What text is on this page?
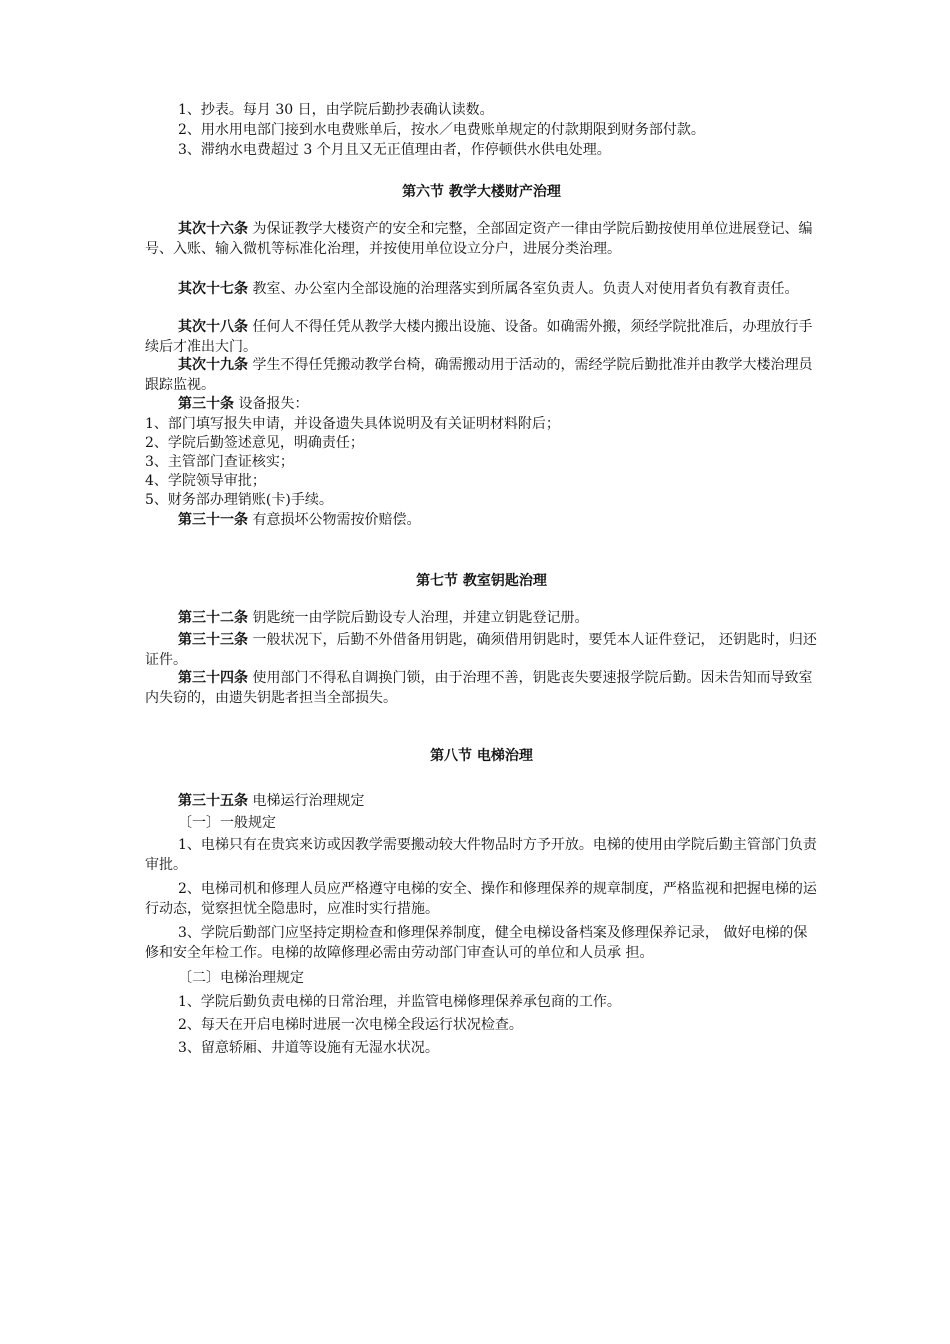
1、抄表。每月 30 日，由学院后勤抄表确认读数。

2、用水用电部门接到水电费账单后，按水／电费账单规定的付款期限到财务部付款。

3、滞纳水电费超过 3 个月且又无正值理由者，作停顿供水供电处理。

第六节 教学大楼财产治理

其次十六条 为保证教学大楼资产的安全和完整，全部固定资产一律由学院后勤按使用单位进展登记、编号、入账、输入微机等标准化治理，并按使用单位设立分户，进展分类治理。

其次十七条 教室、办公室内全部设施的治理落实到所属各室负责人。负责人对使用者负有教育责任。

其次十八条 任何人不得任凭从教学大楼内搬出设施、设备。如确需外搬，须经学院批准后，办理放行手续后才准出大门。

其次十九条 学生不得任凭搬动教学台椅，确需搬动用于活动的，需经学院后勤批准并由教学大楼治理员跟踪监视。

第三十条 设备报失：

1、部门填写报失申请，并设备遗失具体说明及有关证明材料附后；

2、学院后勤签述意见，明确责任；

3、主管部门查证核实；

4、学院领导审批；

5、财务部办理销账(卡)手续。

第三十一条 有意损坏公物需按价赔偿。

第七节 教室钥匙治理

第三十二条 钥匙统一由学院后勤设专人治理，并建立钥匙登记册。

第三十三条 一般状况下，后勤不外借备用钥匙，确须借用钥匙时，要凭本人证件登记， 还钥匙时，归还证件。

第三十四条 使用部门不得私自调换门锁，由于治理不善，钥匙丧失要速报学院后勤。因未告知而导致室内失窃的，由遗失钥匙者担当全部损失。

第八节 电梯治理

第三十五条 电梯运行治理规定

〔一〕一般规定

1、电梯只有在贵宾来访或因教学需要搬动较大件物品时方予开放。电梯的使用由学院后勤主管部门负责审批。

2、电梯司机和修理人员应严格遵守电梯的安全、操作和修理保养的规章制度，严格监视和把握电梯的运行动态，觉察担忧全隐患时，应准时实行措施。

3、学院后勤部门应坚持定期检查和修理保养制度，健全电梯设备档案及修理保养记录， 做好电梯的保修和安全年检工作。电梯的故障修理必需由劳动部门审查认可的单位和人员承 担。

〔二〕电梯治理规定

1、学院后勤负责电梯的日常治理，并监管电梯修理保养承包商的工作。

2、每天在开启电梯时进展一次电梯全段运行状况检查。

3、留意轿厢、井道等设施有无湿水状况。
